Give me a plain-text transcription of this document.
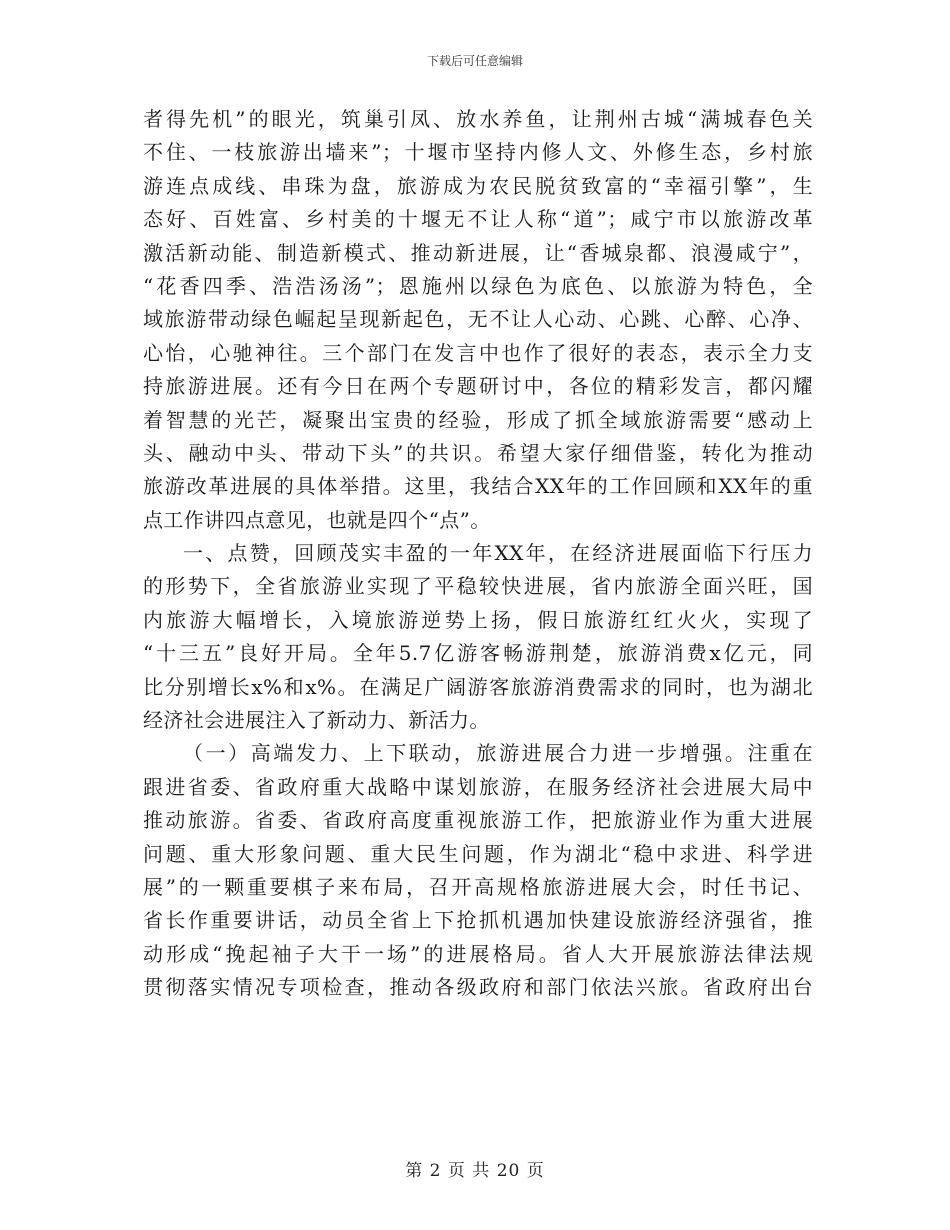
下载后可任意编辑
者得先机”的眼光，筑巢引凤、放水养鱼，让荆州古城“满城春色关
不住、一枝旅游出墙来”；十堰市坚持内修人文、外修生态，乡村旅
游连点成线、串珠为盘，旅游成为农民脱贫致富的“幸福引擎”，生
态好、百姓富、乡村美的十堰无不让人称“道”；咸宁市以旅游改革
激活新动能、制造新模式、推动新进展，让“香城泉都、浪漫咸宁”，
“花香四季、浩浩汤汤”；恩施州以绿色为底色、以旅游为特色，全
域旅游带动绿色崛起呈现新起色，无不让人心动、心跳、心醉、心净、
心怡，心驰神往。三个部门在发言中也作了很好的表态，表示全力支
持旅游进展。还有今日在两个专题研讨中，各位的精彩发言，都闪耀
着智慧的光芒，凝聚出宝贵的经验，形成了抓全域旅游需要“感动上
头、融动中头、带动下头”的共识。希望大家仔细借鉴，转化为推动
旅游改革进展的具体举措。这里，我结合XX年的工作回顾和XX年的重
点工作讲四点意见，也就是四个“点”。
一、点赞，回顾茂实丰盈的一年XX年，在经济进展面临下行压力
的形势下，全省旅游业实现了平稳较快进展，省内旅游全面兴旺，国
内旅游大幅增长，入境旅游逆势上扬，假日旅游红红火火，实现了
“十三五”良好开局。全年5.7亿游客畅游荆楚，旅游消费x亿元，同
比分别增长x%和x%。在满足广阔游客旅游消费需求的同时，也为湖北
经济社会进展注入了新动力、新活力。
（一）高端发力、上下联动，旅游进展合力进一步增强。注重在
跟进省委、省政府重大战略中谋划旅游，在服务经济社会进展大局中
推动旅游。省委、省政府高度重视旅游工作，把旅游业作为重大进展
问题、重大形象问题、重大民生问题，作为湖北“稳中求进、科学进
展”的一颗重要棋子来布局，召开高规格旅游进展大会，时任书记、
省长作重要讲话，动员全省上下抢抓机遇加快建设旅游经济强省，推
动形成“挽起袖子大干一场”的进展格局。省人大开展旅游法律法规
贯彻落实情况专项检查，推动各级政府和部门依法兴旅。省政府出台
第 2 页 共 20 页
